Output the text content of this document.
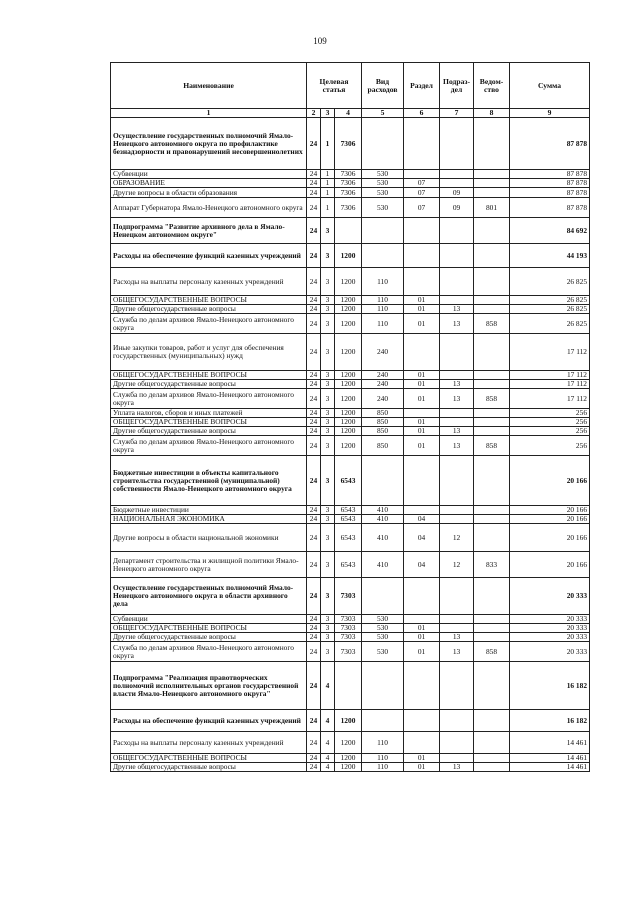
109
Наименование	Целевая статья			Вид расходов	Раздел	Подраз-дел	Ведом-ство	Сумма
1	2	3	4	5	6	7	8	9
Осуществление государственных полномочий Ямало-Ненецкого автономного округа по профилактике безнадзорности и правонарушений несовершеннолетних	24	1	7306					87 878
Субвенции	24	1	7306	530				87 878
ОБРАЗОВАНИЕ	24	1	7306	530	07			87 878
Другие вопросы в области образования	24	1	7306	530	07	09		87 878
Аппарат Губернатора Ямало-Ненецкого автономного округа	24	1	7306	530	07	09	801	87 878
Подпрограмма "Развитие архивного дела в Ямало-Ненецком автономном округе"	24	3						84 692
Расходы на обеспечение функций казенных учреждений	24	3	1200					44 193
Расходы на выплаты персоналу казенных учреждений	24	3	1200	110				26 825
ОБЩЕГОСУДАРСТВЕННЫЕ ВОПРОСЫ	24	3	1200	110	01			26 825
Другие общегосударственные вопросы	24	3	1200	110	01	13		26 825
Служба по делам архивов Ямало-Ненецкого автономного округа	24	3	1200	110	01	13	858	26 825
Иные закупки товаров, работ и услуг для обеспечения государственных (муниципальных) нужд	24	3	1200	240				17 112
ОБЩЕГОСУДАРСТВЕННЫЕ ВОПРОСЫ	24	3	1200	240	01			17 112
Другие общегосударственные вопросы	24	3	1200	240	01	13		17 112
Служба по делам архивов Ямало-Ненецкого автономного округа	24	3	1200	240	01	13	858	17 112
Уплата налогов, сборов и иных платежей	24	3	1200	850				256
ОБЩЕГОСУДАРСТВЕННЫЕ ВОПРОСЫ	24	3	1200	850	01			256
Другие общегосударственные вопросы	24	3	1200	850	01	13		256
Служба по делам архивов Ямало-Ненецкого автономного округа	24	3	1200	850	01	13	858	256
Бюджетные инвестиции в объекты капитального строительства государственной (муниципальной) собственности Ямало-Ненецкого автономного округа	24	3	6543					20 166
Бюджетные инвестиции	24	3	6543	410				20 166
НАЦИОНАЛЬНАЯ ЭКОНОМИКА	24	3	6543	410	04			20 166
Другие вопросы в области национальной экономики	24	3	6543	410	04	12		20 166
Департамент строительства и жилищной политики Ямало-Ненецкого автономного округа	24	3	6543	410	04	12	833	20 166
Осуществление государственных полномочий Ямало-Ненецкого автономного округа в области архивного дела	24	3	7303					20 333
Субвенции	24	3	7303	530				20 333
ОБЩЕГОСУДАРСТВЕННЫЕ ВОПРОСЫ	24	3	7303	530	01			20 333
Другие общегосударственные вопросы	24	3	7303	530	01	13		20 333
Служба по делам архивов Ямало-Ненецкого автономного округа	24	3	7303	530	01	13	858	20 333
Подпрограмма "Реализация правотворческих полномочий исполнительных органов государственной власти Ямало-Ненецкого автономного округа"	24	4						16 182
Расходы на обеспечение функций казенных учреждений	24	4	1200					16 182
Расходы на выплаты персоналу казенных учреждений	24	4	1200	110				14 461
ОБЩЕГОСУДАРСТВЕННЫЕ ВОПРОСЫ	24	4	1200	110	01			14 461
Другие общегосударственные вопросы	24	4	1200	110	01	13		14 461
